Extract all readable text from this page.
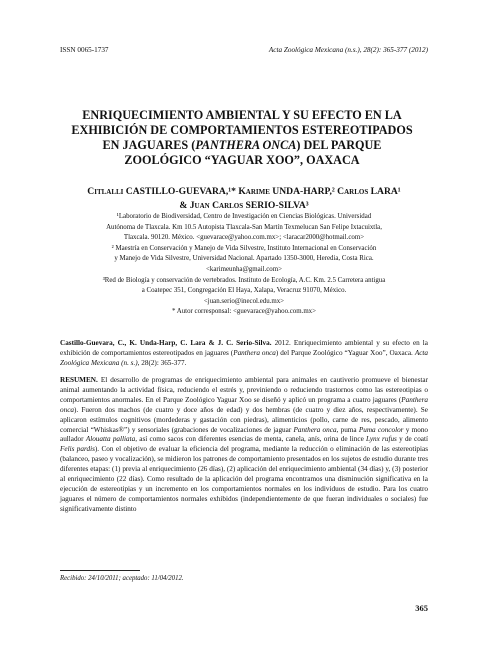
ISSN 0065-1737	Acta Zoológica Mexicana (n.s.), 28(2): 365-377 (2012)
ENRIQUECIMIENTO AMBIENTAL Y SU EFECTO EN LA
EXHIBICIÓN DE COMPORTAMIENTOS ESTEREOTIPADOS
EN JAGUARES (PANTHERA ONCA) DEL PARQUE
ZOOLÓGICO “YAGUAR XOO”, OAXACA
Citlalli CASTILLO-GUEVARA,¹* Karime UNDA-HARP,² Carlos LARA¹
& Juan Carlos SERIO-SILVA³

¹Laboratorio de Biodiversidad, Centro de Investigación en Ciencias Biológicas. Universidad

Autónoma de Tlaxcala. Km 10.5 Autopista Tlaxcala-San Martín Texmelucan San Felipe Ixtacuixtla,

Tlaxcala. 90120. México. <guevarace@yahoo.com.mx>; <laracar2000@hotmail.com>

² Maestría en Conservación y Manejo de Vida Silvestre, Instituto Internacional en Conservación

y Manejo de Vida Silvestre, Universidad Nacional. Apartado 1350-3000, Heredia, Costa Rica.

<karimeunha@gmail.com>

³Red de Biología y conservación de vertebrados. Instituto de Ecología, A.C. Km. 2.5 Carretera antigua

a Coatepec 351, Congregación El Haya, Xalapa, Veracruz 91070, México.

<juan.serio@inecol.edu.mx>

* Autor corresponsal: <guevarace@yahoo.com.mx>

Castillo-Guevara, C., K. Unda-Harp, C. Lara & J. C. Serio-Silva. 2012. Enriquecimiento ambiental y su efecto en la exhibición de comportamientos estereotipados en jaguares (Panthera onca) del Parque Zoológico “Yaguar Xoo”, Oaxaca. Acta Zoológica Mexicana (n. s.), 28(2): 365-377.
RESUMEN. El desarrollo de programas de enriquecimiento ambiental para animales en cautiverio promueve el bienestar animal aumentando la actividad física, reduciendo el estrés y, previniendo o reduciendo trastornos como las estereotipias o comportamientos anormales. En el Parque Zoológico Yaguar Xoo se diseñó y aplicó un programa a cuatro jaguares (Panthera onca). Fueron dos machos (de cuatro y doce años de edad) y dos hembras (de cuatro y diez años, respectivamente). Se aplicaron estímulos cognitivos (mordederas y gastación con piedras), alimenticios (pollo, carne de res, pescado, alimento comercial “Whiskas®”) y sensoriales (grabaciones de vocalizaciones de jaguar Panthera onca, puma Puma concolor y mono aullador Alouatta palliata, así como sacos con diferentes esencias de menta, canela, anís, orina de lince Lynx rufus y de coatí Felis pardis). Con el objetivo de evaluar la eficiencia del programa, mediante la reducción o eliminación de las estereotipias (balanceo, paseo y vocalización), se midieron los patrones de comportamiento presentados en los sujetos de estudio durante tres diferentes etapas: (1) previa al enriquecimiento (26 días), (2) aplicación del enriquecimiento ambiental (34 días) y, (3) posterior al enriquecimiento (22 días). Como resultado de la aplicación del programa encontramos una disminución significativa en la ejecución de estereotipias y un incremento en los comportamientos normales en los individuos de estudio. Para los cuatro jaguares el número de comportamientos normales exhibidos (independientemente de que fueran individuales o sociales) fue significativamente distinto
Recibido: 24/10/2011; aceptado: 11/04/2012.
365
